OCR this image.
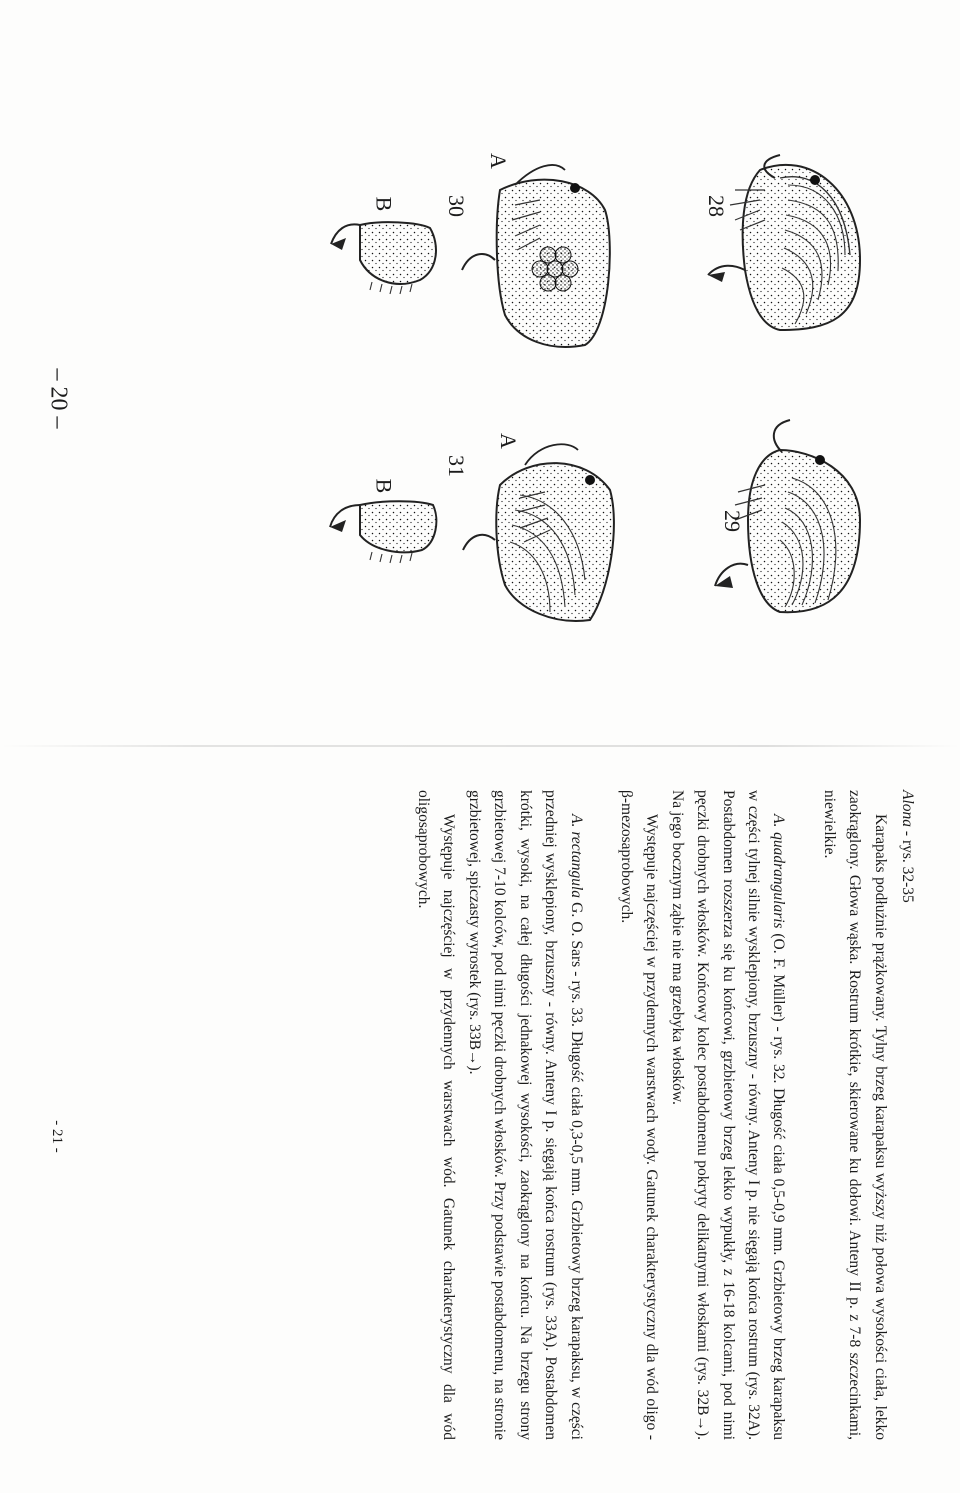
28
29
30
31
A
B
A
B
– 20 –

Alona - rys. 32-35

Karapaks podłużnie prążkowany. Tylny brzeg karapaksu wyższy niż połowa wysokości ciała, lekko zaokrąglony. Głowa wąska. Rostrum krótkie, skierowane ku dołowi. Anteny II p. z 7-8 szczecinkami, niewielkie.

A. quadrangularis (O. F. Müller) - rys. 32. Długość ciała 0,5-0,9 mm. Grzbietowy brzeg karapaksu w części tylnej silnie wysklepiony, brzuszny - równy. Anteny I p. nie sięgają końca rostrum (rys. 32A). Postabdomen rozszerza się ku końcowi, grzbietowy brzeg lekko wypukły, z 16-18 kolcami, pod nimi pęczki drobnych włosków. Końcowy kolec postabdomenu pokryty delikatnymi włoskami (rys. 32B→). Na jego bocznym ząbie nie ma grzebyka włosków.

Występuje najczęściej w przydennych warstwach wody. Gatunek charakterystyczny dla wód oligo - β-mezosaprobowych.

A. rectangula G. O. Sars - rys. 33. Długość ciała 0,3-0,5 mm. Grzbietowy brzeg karapaksu, w części przedniej wysklepiony, brzuszny - równy. Anteny I p. sięgają końca rostrum (rys. 33A). Postabdomen krótki, wysoki, na całej długości jednakowej wysokości, zaokrąglony na końcu. Na brzegu strony grzbietowej 7-10 kolców, pod nimi pęczki drobnych włosków. Przy podstawie postabdomenu, na stronie grzbietowej, spiczasty wyrostek (rys. 33B→).

Występuje najczęściej w przydennych warstwach wód. Gatunek charakterystyczny dla wód oligosaprobowych.

- 21 -
